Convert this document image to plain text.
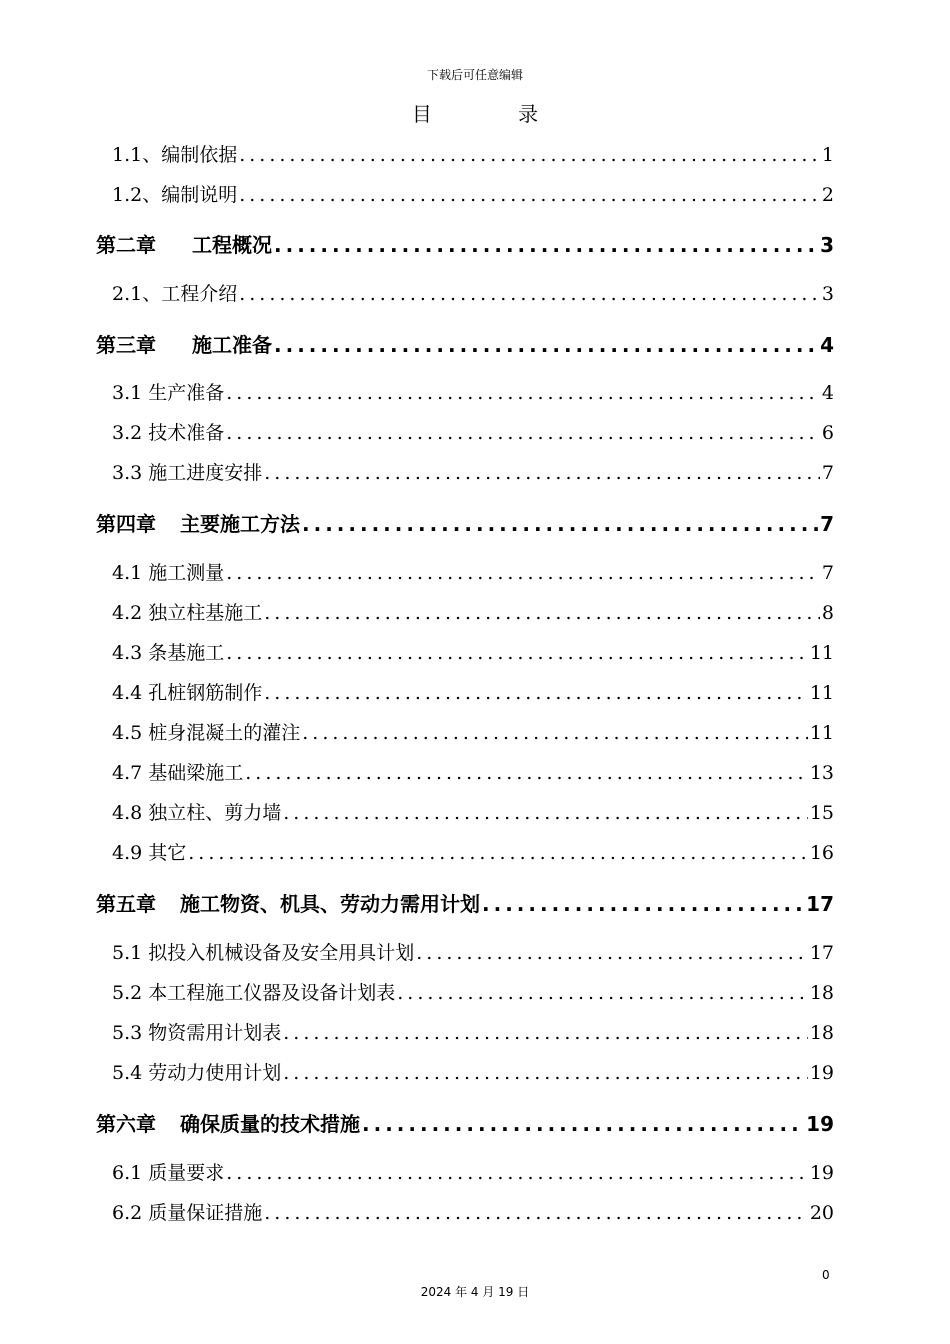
下载后可任意编辑
目 录
1.1、编制依据 .....	1
1.2、编制说明 .....	2
第二章 工程概况 .....	3
2.1、工程介绍 .....	3
第三章 施工准备 .....	4
3.1 生产准备 .....	4
3.2 技术准备 .....	6
3.3 施工进度安排 .....	7
第四章 主要施工方法 .....	7
4.1 施工测量 .....	7
4.2 独立柱基施工 .....	8
4.3 条基施工 .....	11
4.4 孔桩钢筋制作 .....	11
4.5 桩身混凝土的灌注 .....	11
4.7 基础梁施工 .....	13
4.8 独立柱、剪力墙 .....	15
4.9 其它 .....	16
第五章 施工物资、机具、劳动力需用计划 .....	17
5.1 拟投入机械设备及安全用具计划 .....	17
5.2 本工程施工仪器及设备计划表 .....	18
5.3 物资需用计划表 .....	18
5.4 劳动力使用计划 .....	19
第六章 确保质量的技术措施 .....	19
6.1 质量要求 .....	19
6.2 质量保证措施 .....	20
0
2024 年 4 月 19 日
